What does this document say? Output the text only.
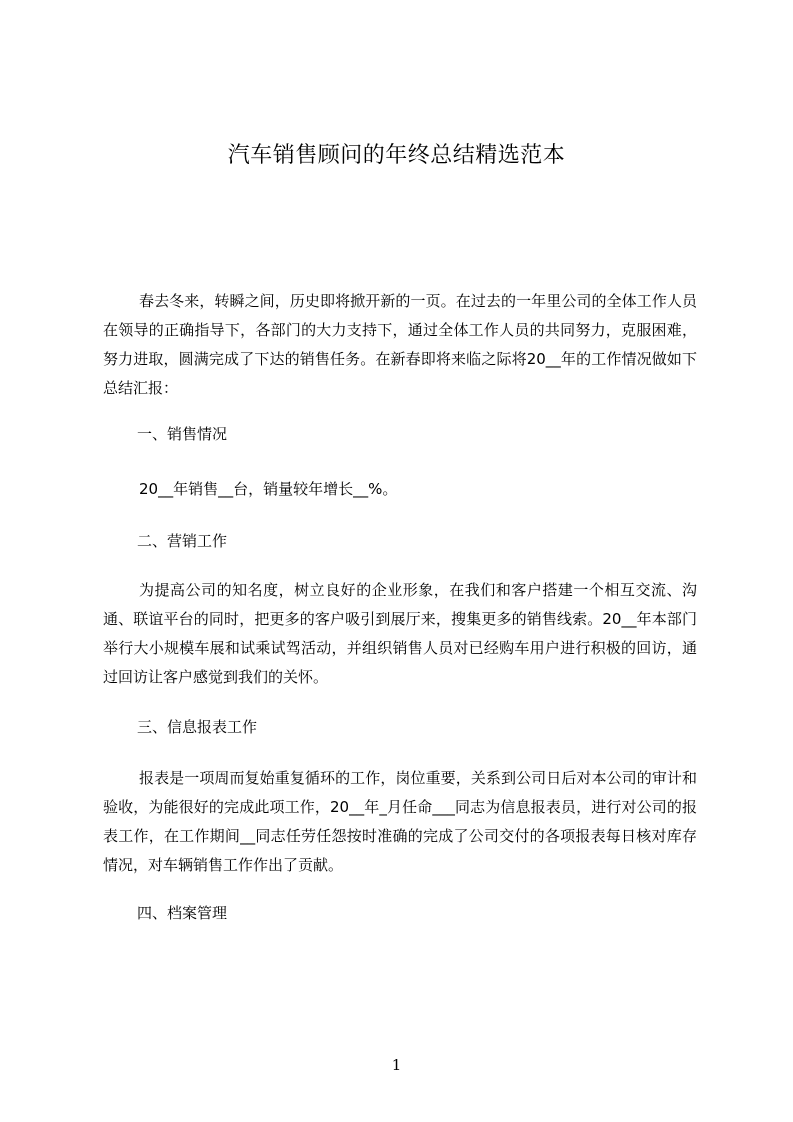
汽车销售顾问的年终总结精选范本

春去冬来，转瞬之间，历史即将掀开新的一页。在过去的一年里公司的全体工作人员在领导的正确指导下，各部门的大力支持下，通过全体工作人员的共同努力，克服困难，努力进取，圆满完成了下达的销售任务。在新春即将来临之际将20__年的工作情况做如下总结汇报：

一、销售情况

20__年销售__台，销量较年增长__%。

二、营销工作

为提高公司的知名度，树立良好的企业形象，在我们和客户搭建一个相互交流、沟通、联谊平台的同时，把更多的客户吸引到展厅来，搜集更多的销售线索。20__年本部门举行大小规模车展和试乘试驾活动，并组织销售人员对已经购车用户进行积极的回访，通过回访让客户感觉到我们的关怀。

三、信息报表工作

报表是一项周而复始重复循环的工作，岗位重要，关系到公司日后对本公司的审计和验收，为能很好的完成此项工作，20__年_月任命___同志为信息报表员，进行对公司的报表工作，在工作期间__同志任劳任怨按时准确的完成了公司交付的各项报表每日核对库存情况，对车辆销售工作作出了贡献。

四、档案管理

1
